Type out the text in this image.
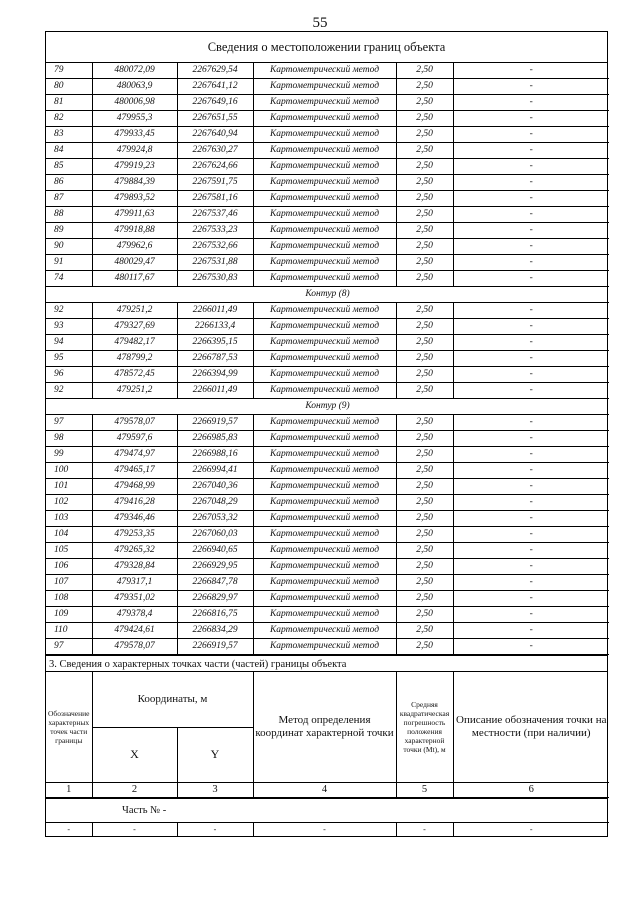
55
Сведения о местоположении границ объекта
79	480072,09	2267629,54	Картометрический метод	2,50	-
80	480063,9	2267641,12	Картометрический метод	2,50	-
81	480006,98	2267649,16	Картометрический метод	2,50	-
82	479955,3	2267651,55	Картометрический метод	2,50	-
83	479933,45	2267640,94	Картометрический метод	2,50	-
84	479924,8	2267630,27	Картометрический метод	2,50	-
85	479919,23	2267624,66	Картометрический метод	2,50	-
86	479884,39	2267591,75	Картометрический метод	2,50	-
87	479893,52	2267581,16	Картометрический метод	2,50	-
88	479911,63	2267537,46	Картометрический метод	2,50	-
89	479918,88	2267533,23	Картометрический метод	2,50	-
90	479962,6	2267532,66	Картометрический метод	2,50	-
91	480029,47	2267531,88	Картометрический метод	2,50	-
74	480117,67	2267530,83	Картометрический метод	2,50	-
Контур (8)					
92	479251,2	2266011,49	Картометрический метод	2,50	-
93	479327,69	2266133,4	Картометрический метод	2,50	-
94	479482,17	2266395,15	Картометрический метод	2,50	-
95	478799,2	2266787,53	Картометрический метод	2,50	-
96	478572,45	2266394,99	Картометрический метод	2,50	-
92	479251,2	2266011,49	Картометрический метод	2,50	-
Контур (9)					
97	479578,07	2266919,57	Картометрический метод	2,50	-
98	479597,6	2266985,83	Картометрический метод	2,50	-
99	479474,97	2266988,16	Картометрический метод	2,50	-
100	479465,17	2266994,41	Картометрический метод	2,50	-
101	479468,99	2267040,36	Картометрический метод	2,50	-
102	479416,28	2267048,29	Картометрический метод	2,50	-
103	479346,46	2267053,32	Картометрический метод	2,50	-
104	479253,35	2267060,03	Картометрический метод	2,50	-
105	479265,32	2266940,65	Картометрический метод	2,50	-
106	479328,84	2266929,95	Картометрический метод	2,50	-
107	479317,1	2266847,78	Картометрический метод	2,50	-
108	479351,02	2266829,97	Картометрический метод	2,50	-
109	479378,4	2266816,75	Картометрический метод	2,50	-
110	479424,61	2266834,29	Картометрический метод	2,50	-
97	479578,07	2266919,57	Картометрический метод	2,50	-
3. Сведения о характерных точках части (частей) границы объекта
Обозначение характерных точек части границы	Координаты, м		Метод определения координат характерной точки	Средняя квадратическая погрешность положения характерной точки (Mt), м	Описание обозначения точки на местности (при наличии)
	X	Y			
1	2	3	4	5	6
Часть № -
-	-	-	-	-	-
